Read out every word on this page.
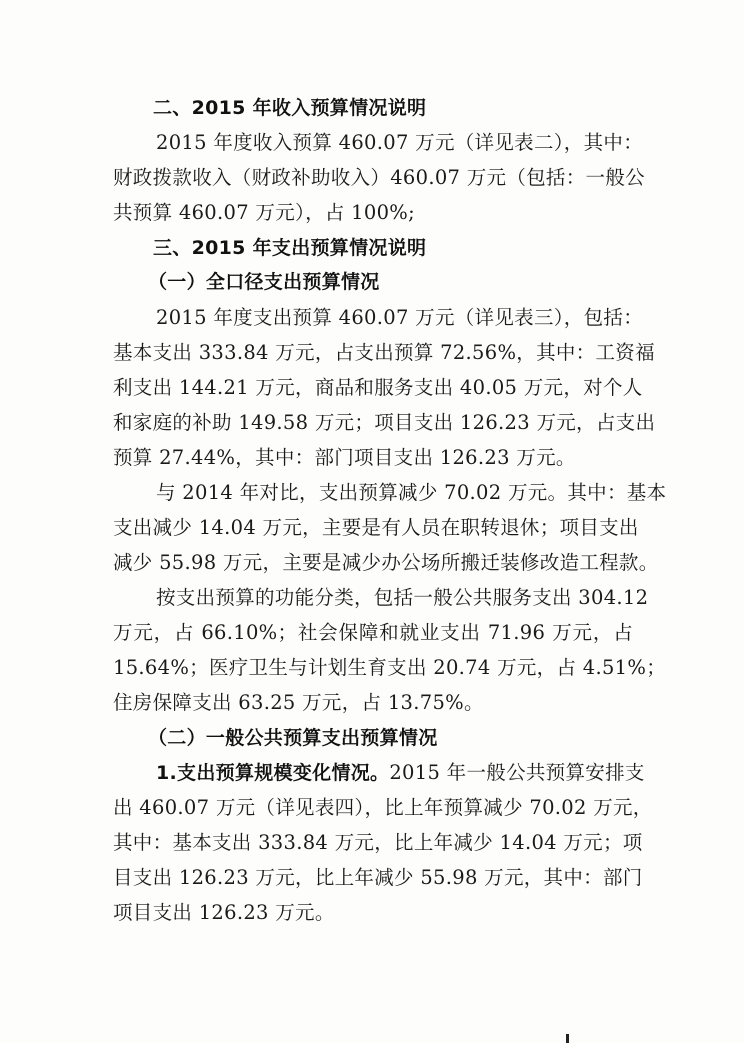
二、2015 年收入预算情况说明
2015 年度收入预算 460.07 万元（详见表二），其中：
财政拨款收入（财政补助收入）460.07 万元（包括：一般公
共预算 460.07 万元），占 100%;
三、2015 年支出预算情况说明
（一）全口径支出预算情况
2015 年度支出预算 460.07 万元（详见表三），包括：
基本支出 333.84 万元，占支出预算 72.56%，其中：工资福
利支出 144.21 万元，商品和服务支出 40.05 万元，对个人
和家庭的补助 149.58 万元；项目支出 126.23 万元，占支出
预算 27.44%，其中：部门项目支出 126.23 万元。
与 2014 年对比，支出预算减少 70.02 万元。其中：基本
支出减少 14.04 万元，主要是有人员在职转退休；项目支出
减少 55.98 万元，主要是减少办公场所搬迁装修改造工程款。
按支出预算的功能分类，包括一般公共服务支出 304.12
万元，占 66.10%；社会保障和就业支出 71.96 万元，占
15.64%；医疗卫生与计划生育支出 20.74 万元，占 4.51%；
住房保障支出 63.25 万元，占 13.75%。
（二）一般公共预算支出预算情况
1.支出预算规模变化情况。2015 年一般公共预算安排支
出 460.07 万元（详见表四），比上年预算减少 70.02 万元，
其中：基本支出 333.84 万元，比上年减少 14.04 万元；项
目支出 126.23 万元，比上年减少 55.98 万元，其中：部门
项目支出 126.23 万元。
